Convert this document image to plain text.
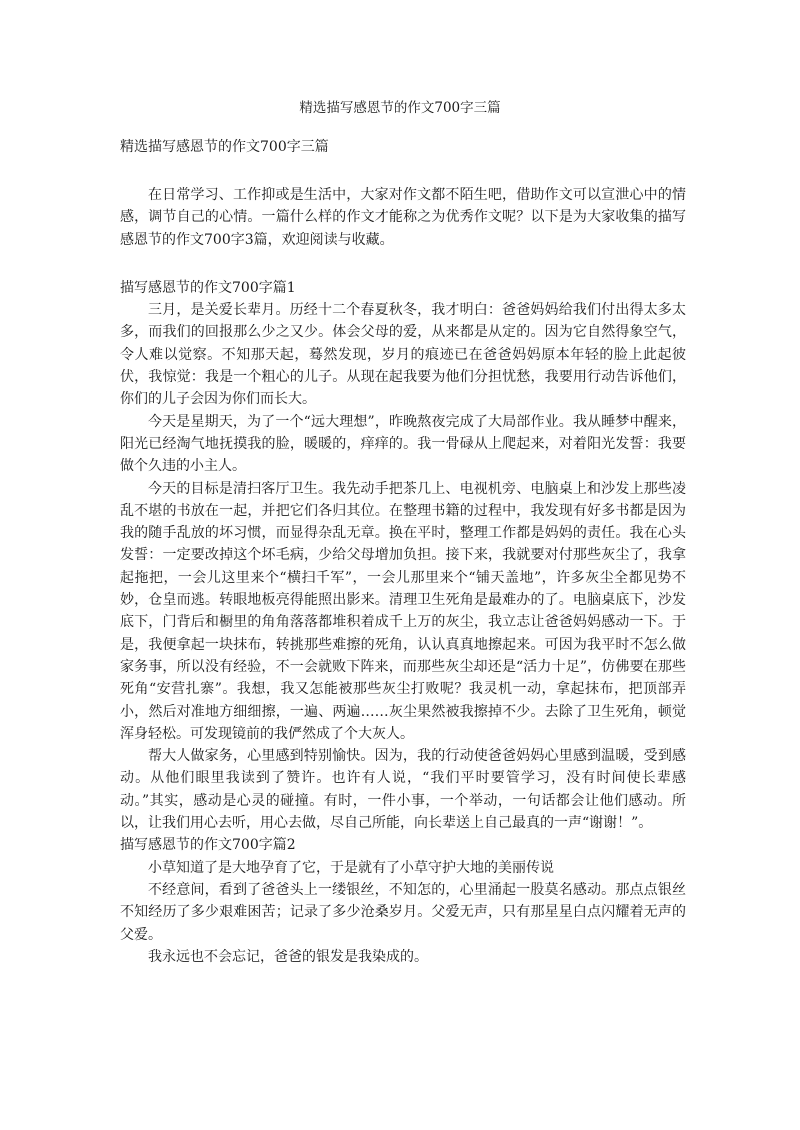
精选描写感恩节的作文700字三篇
精选描写感恩节的作文700字三篇

在日常学习、工作抑或是生活中，大家对作文都不陌生吧，借助作文可以宣泄心中的情感，调节自己的心情。一篇什么样的作文才能称之为优秀作文呢？以下是为大家收集的描写感恩节的作文700字3篇，欢迎阅读与收藏。

描写感恩节的作文700字篇1

三月，是关爱长辈月。历经十二个春夏秋冬，我才明白：爸爸妈妈给我们付出得太多太多，而我们的回报那么少之又少。体会父母的爱，从来都是从定的。因为它自然得象空气，令人难以觉察。不知那天起，蓦然发现，岁月的痕迹已在爸爸妈妈原本年轻的脸上此起彼伏，我惊觉：我是一个粗心的儿子。从现在起我要为他们分担忧愁，我要用行动告诉他们，你们的儿子会因为你们而长大。

今天是星期天，为了一个“远大理想”，昨晚熬夜完成了大局部作业。我从睡梦中醒来，阳光已经淘气地抚摸我的脸，暖暖的，痒痒的。我一骨碌从上爬起来，对着阳光发誓：我要做个久违的小主人。

今天的目标是清扫客厅卫生。我先动手把茶几上、电视机旁、电脑桌上和沙发上那些凌乱不堪的书放在一起，并把它们各归其位。在整理书籍的过程中，我发现有好多书都是因为我的随手乱放的坏习惯，而显得杂乱无章。换在平时，整理工作都是妈妈的责任。我在心头发誓：一定要改掉这个坏毛病，少给父母增加负担。接下来，我就要对付那些灰尘了，我拿起拖把，一会儿这里来个“横扫千军”，一会儿那里来个“铺天盖地”，许多灰尘全都见势不妙，仓皇而逃。转眼地板亮得能照出影来。清理卫生死角是最难办的了。电脑桌底下，沙发底下，门背后和橱里的角角落落都堆积着成千上万的灰尘，我立志让爸爸妈妈感动一下。于是，我便拿起一块抹布，转挑那些难擦的死角，认认真真地擦起来。可因为我平时不怎么做家务事，所以没有经验，不一会就败下阵来，而那些灰尘却还是“活力十足”，仿佛要在那些死角“安营扎寨”。我想，我又怎能被那些灰尘打败呢？我灵机一动，拿起抹布，把顶部弄小，然后对准地方细细擦，一遍、两遍……灰尘果然被我擦掉不少。去除了卫生死角，顿觉浑身轻松。可发现镜前的我俨然成了个大灰人。

帮大人做家务，心里感到特别愉快。因为，我的行动使爸爸妈妈心里感到温暖，受到感动。从他们眼里我读到了赞许。也许有人说，“我们平时要管学习，没有时间使长辈感动。”其实，感动是心灵的碰撞。有时，一件小事，一个举动，一句话都会让他们感动。所以，让我们用心去听，用心去做，尽自己所能，向长辈送上自己最真的一声“谢谢！”。

描写感恩节的作文700字篇2

小草知道了是大地孕育了它，于是就有了小草守护大地的美丽传说

不经意间，看到了爸爸头上一缕银丝，不知怎的，心里涌起一股莫名感动。那点点银丝不知经历了多少艰难困苦；记录了多少沧桑岁月。父爱无声，只有那星星白点闪耀着无声的父爱。

我永远也不会忘记，爸爸的银发是我染成的。
